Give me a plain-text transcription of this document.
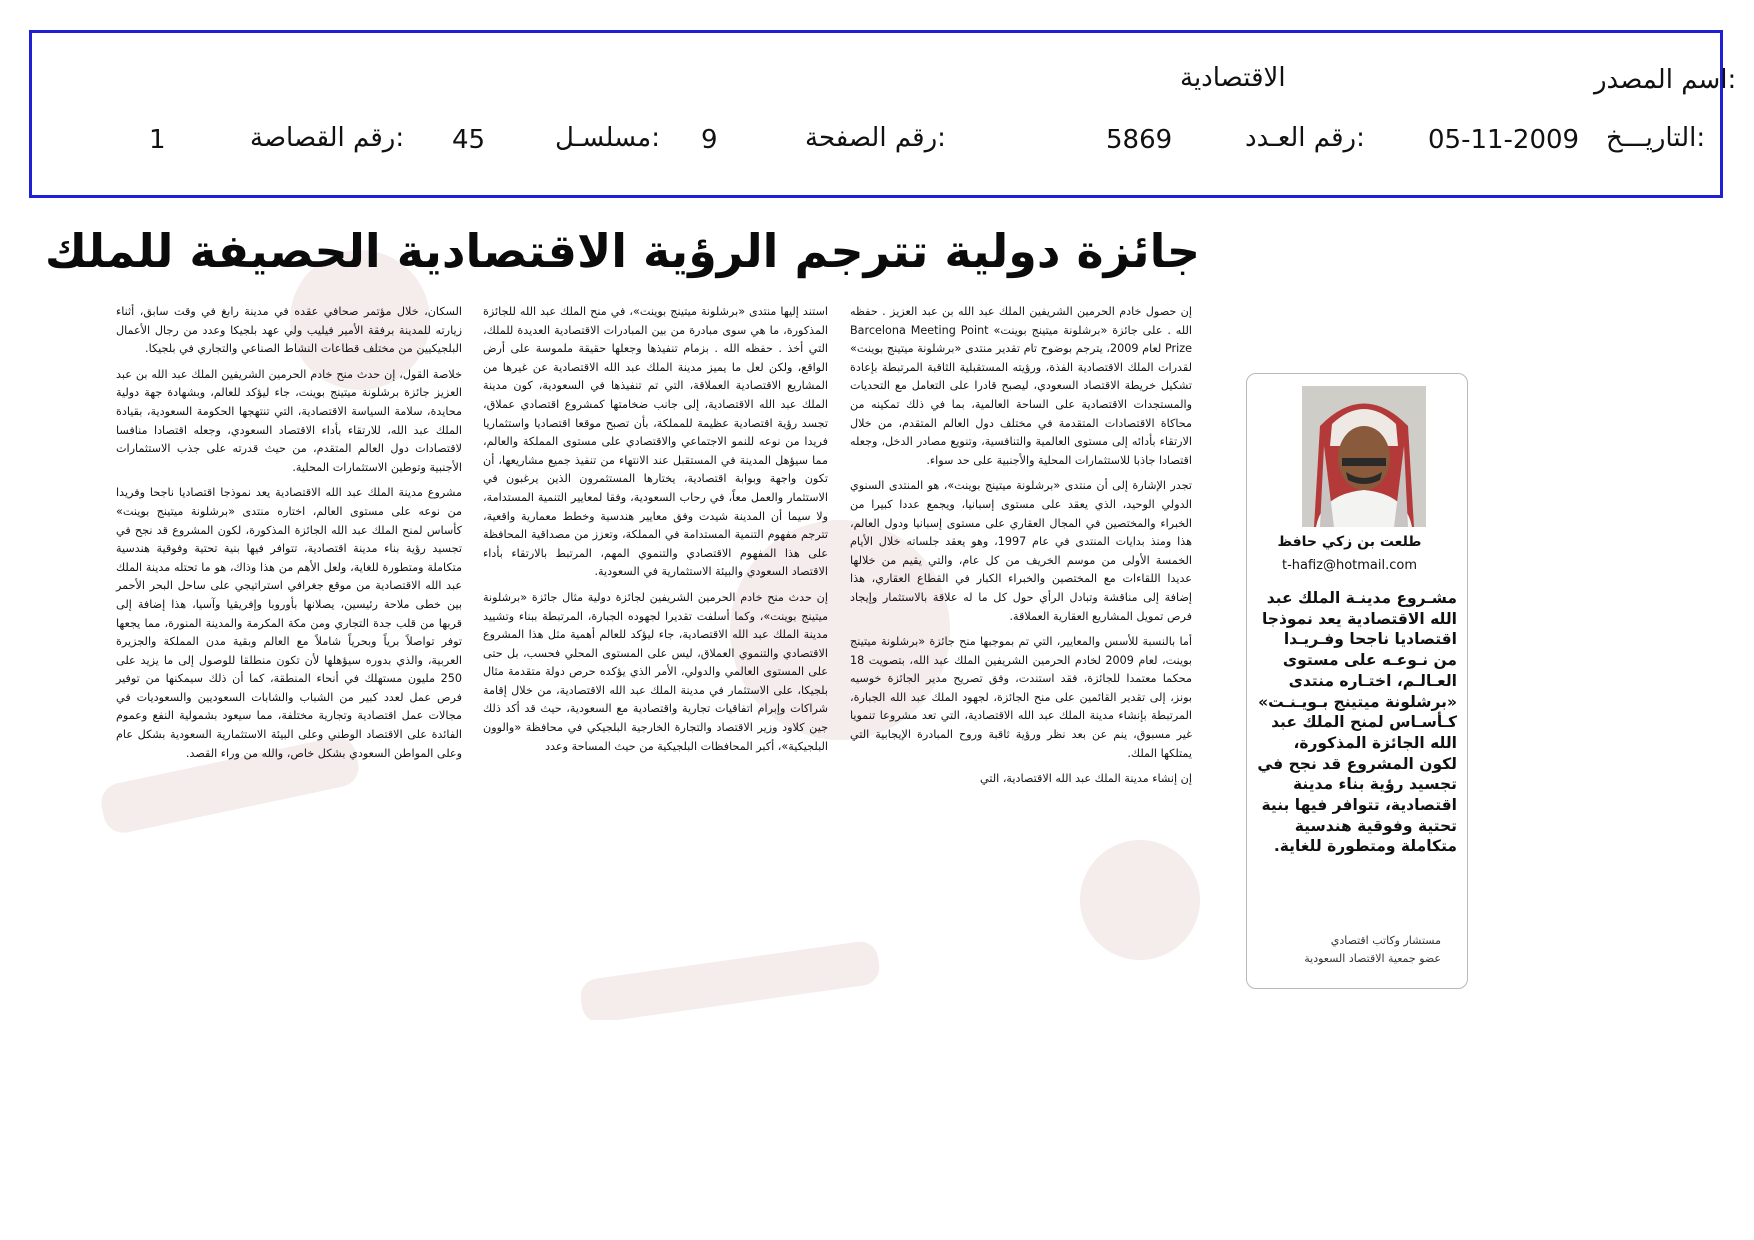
اسم المصدر:
الاقتصادية
التاريـــخ:
05-11-2009
رقم العـدد:
5869
رقم الصفحة:
9
مسلسـل:
45
رقم القصاصة:
1
جائزة دولية تترجم الرؤية الاقتصادية الحصيفة للملك
طلعت بن زكي حافظ
t-hafiz@hotmail.com
مشـروع مدينـة الملك عبد الله الاقتصادية يعد نموذجا اقتصاديا ناجحا وفـريـدا من نـوعـه على مستوى العـالـم، اختـاره منتدى «برشلونة ميتينج بـويـنـت» كـأسـاس لمنح الملك عبد الله الجائزة المذكورة، لكون المشروع قد نجح في تجسيد رؤية بناء مدينة اقتصادية، تتوافر فيها بنية تحتية وفوقية هندسية متكاملة ومتطورة للغاية.
مستشار وكاتب اقتصادي
عضو جمعية الاقتصاد السعودية

إن حصول خادم الحرمين الشريفين الملك عبد الله بن عبد العزيز . حفظه الله . على جائزة «برشلونة ميتينج بوينت» Barcelona Meeting Point Prize لعام 2009، يترجم بوضوح تام تقدير منتدى «برشلونة ميتينج بوينت» لقدرات الملك الاقتصادية الفذة، ورؤيته المستقبلية الثاقبة المرتبطة بإعادة تشكيل خريطة الاقتصاد السعودي، ليصبح قادرا على التعامل مع التحديات والمستجدات الاقتصادية على الساحة العالمية، بما في ذلك تمكينه من محاكاة الاقتصادات المتقدمة في مختلف دول العالم المتقدم، من خلال الارتقاء بأدائه إلى مستوى العالمية والتنافسية، وتنويع مصادر الدخل، وجعله اقتصادا جاذبا للاستثمارات المحلية والأجنبية على حد سواء.

تجدر الإشارة إلى أن منتدى «برشلونة ميتينج بوينت»، هو المنتدى السنوي الدولي الوحيد، الذي يعقد على مستوى إسبانيا، ويجمع عددا كبيرا من الخبراء والمختصين في المجال العقاري على مستوى إسبانيا ودول العالم، هذا ومنذ بدايات المنتدى في عام 1997، وهو يعقد جلساته خلال الأيام الخمسة الأولى من موسم الخريف من كل عام، والتي يقيم من خلالها عديدا اللقاءات مع المختصين والخبراء الكبار في القطاع العقاري، هذا إضافة إلى مناقشة وتبادل الرأي حول كل ما له علاقة بالاستثمار وإيجاد فرص تمويل المشاريع العقارية العملاقة.

أما بالنسبة للأسس والمعايير، التي تم بموجبها منح جائزة «برشلونة ميتينج بوينت، لعام 2009 لخادم الحرمين الشريفين الملك عبد الله، بتصويت 18 محكما معتمدا للجائزة، فقد استندت، وفق تصريح مدير الجائزة خوسيه بونز، إلى تقدير القائمين على منح الجائزة، لجهود الملك عبد الله الجبارة، المرتبطة بإنشاء مدينة الملك عبد الله الاقتصادية، التي تعد مشروعا تنمويا غير مسبوق، ينم عن بعد نظر ورؤية ثاقبة وروح المبادرة الإيجابية التي يمتلكها الملك.

إن إنشاء مدينة الملك عبد الله الاقتصادية، التي

استند إليها منتدى «برشلونة ميتينج بوينت»، في منح الملك عبد الله للجائزة المذكورة، ما هي سوى مبادرة من بين المبادرات الاقتصادية العديدة للملك، التي أخذ . حفظه الله . بزمام تنفيذها وجعلها حقيقة ملموسة على أرض الواقع، ولكن لعل ما يميز مدينة الملك عبد الله الاقتصادية عن غيرها من المشاريع الاقتصادية العملاقة، التي تم تنفيذها في السعودية، كون مدينة الملك عبد الله الاقتصادية، إلى جانب ضخامتها كمشروع اقتصادي عملاق، تجسد رؤية اقتصادية عظيمة للمملكة، بأن تصبح موقعا اقتصاديا واستثماريا فريدا من نوعه للنمو الاجتماعي والاقتصادي على مستوى المملكة والعالم، مما سيؤهل المدينة في المستقبل عند الانتهاء من تنفيذ جميع مشاريعها، أن تكون واجهة وبوابة اقتصادية، يختارها المستثمرون الذين يرغبون في الاستثمار والعمل معاً، في رحاب السعودية، وفقا لمعايير التنمية المستدامة، ولا سيما أن المدينة شيدت وفق معايير هندسية وخطط معمارية واقعية، تترجم مفهوم التنمية المستدامة في المملكة، وتعزز من مصداقية المحافظة على هذا المفهوم الاقتصادي والتنموي المهم، المرتبط بالارتقاء بأداء الاقتصاد السعودي والبيئة الاستثمارية في السعودية.

إن حدث منح خادم الحرمين الشريفين لجائزة دولية مثال جائزة «برشلونة ميتينج بوينت»، وكما أسلفت تقديرا لجهوده الجبارة، المرتبطة ببناء وتشييد مدينة الملك عبد الله الاقتصادية، جاء ليؤكد للعالم أهمية مثل هذا المشروع الاقتصادي والتنموي العملاق، ليس على المستوى المحلي فحسب، بل حتى على المستوى العالمي والدولي، الأمر الذي يؤكده حرص دولة متقدمة مثال بلجيكا، على الاستثمار في مدينة الملك عبد الله الاقتصادية، من خلال إقامة شراكات وإبرام اتفاقيات تجارية واقتصادية مع السعودية، حيث قد أكد ذلك جين كلاود وزير الاقتصاد والتجارة الخارجية البلجيكي في محافظة «والوون البلجيكية»، أكبر المحافظات البلجيكية من حيث المساحة وعدد

السكان، خلال مؤتمر صحافي عقده في مدينة رابغ في وقت سابق، أثناء زيارته للمدينة برفقة الأمير فيليب ولي عهد بلجيكا وعدد من رجال الأعمال البلجيكيين من مختلف قطاعات النشاط الصناعي والتجاري في بلجيكا.

خلاصة القول، إن حدث منح خادم الحرمين الشريفين الملك عبد الله بن عبد العزيز جائزة برشلونة ميتينج بوينت، جاء ليؤكد للعالم، وبشهادة جهة دولية محايدة، سلامة السياسة الاقتصادية، التي تنتهجها الحكومة السعودية، بقيادة الملك عبد الله، للارتقاء بأداء الاقتصاد السعودي، وجعله اقتصادا منافسا لاقتصادات دول العالم المتقدم، من حيث قدرته على جذب الاستثمارات الأجنبية وتوطين الاستثمارات المحلية.

مشروع مدينة الملك عبد الله الاقتصادية يعد نموذجا اقتصاديا ناجحا وفريدا من نوعه على مستوى العالم، اختاره منتدى «برشلونة ميتينج بوينت» كأساس لمنح الملك عبد الله الجائزة المذكورة، لكون المشروع قد نجح في تجسيد رؤية بناء مدينة اقتصادية، تتوافر فيها بنية تحتية وفوقية هندسية متكاملة ومتطورة للغاية، ولعل الأهم من هذا وذاك، هو ما تحتله مدينة الملك عبد الله الاقتصادية من موقع جغرافي استراتيجي على ساحل البحر الأحمر بين خطى ملاحة رئيسين، يصلانها بأوروبا وإفريقيا وآسيا، هذا إضافة إلى قربها من قلب جدة التجاري ومن مكة المكرمة والمدينة المنورة، مما يجعها توفر تواصلاً برياً وبحرياً شاملاً مع العالم وبقية مدن المملكة والجزيرة العربية، والذي بدوره سيؤهلها لأن تكون منطلقا للوصول إلى ما يزيد على 250 مليون مستهلك في أنحاء المنطقة، كما أن ذلك سيمكنها من توفير فرص عمل لعدد كبير من الشباب والشابات السعوديين والسعوديات في مجالات عمل اقتصادية وتجارية مختلفة، مما سيعود بشمولية النفع وعموم الفائدة على الاقتصاد الوطني وعلى البيئة الاستثمارية السعودية بشكل عام وعلى المواطن السعودي بشكل خاص، والله من وراء القصد.
